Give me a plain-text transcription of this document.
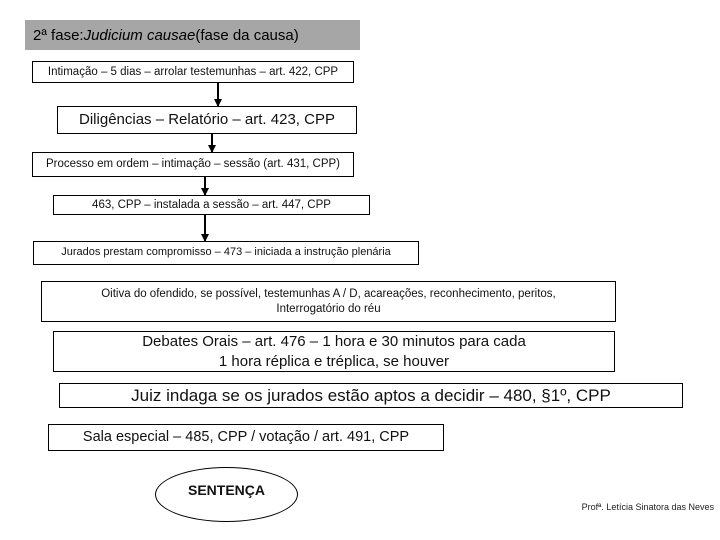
2ª fase: Judicium causae (fase da causa)
Intimação – 5 dias – arrolar testemunhas – art. 422, CPP
Diligências – Relatório – art. 423, CPP
Processo em ordem – intimação – sessão (art. 431, CPP)
463, CPP – instalada a sessão – art. 447, CPP
Jurados prestam compromisso – 473 – iniciada a instrução plenária
Oitiva do ofendido, se possível, testemunhas A / D, acareações, reconhecimento, peritos,
Interrogatório do réu
Debates Orais – art. 476 – 1 hora e 30 minutos para cada
1 hora réplica e tréplica, se houver
Juiz indaga se os jurados estão aptos a decidir – 480, §1º, CPP
Sala especial – 485, CPP / votação / art. 491, CPP
SENTENÇA
Profª. Letícia Sinatora das Neves
